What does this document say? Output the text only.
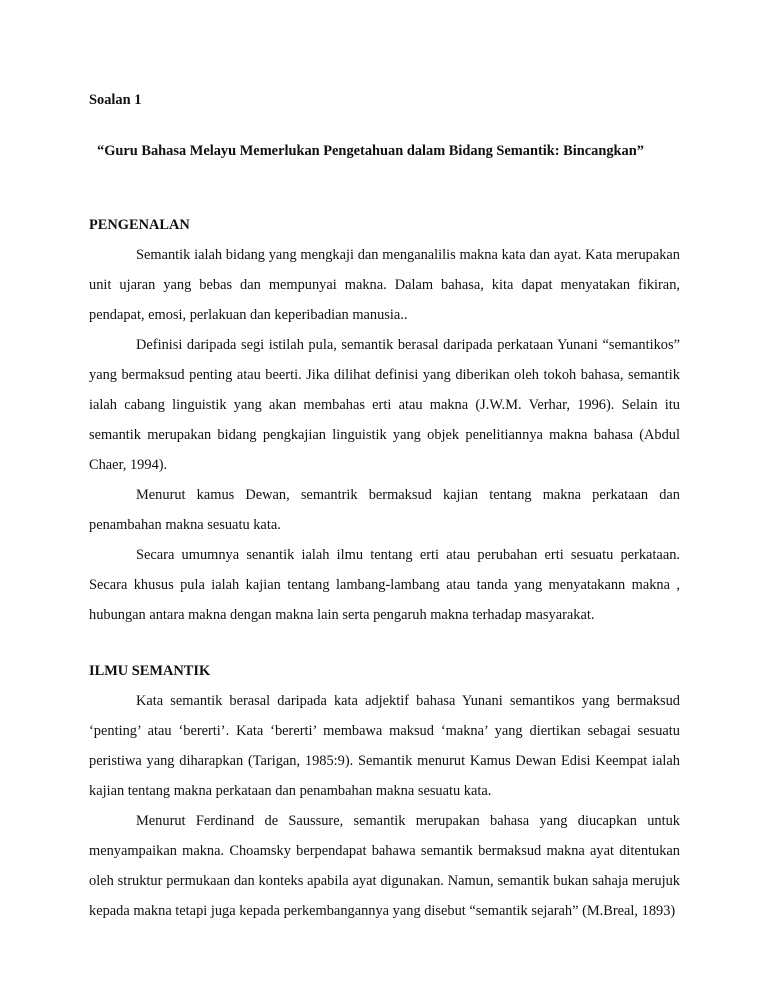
Soalan 1
“Guru Bahasa Melayu Memerlukan Pengetahuan dalam Bidang Semantik: Bincangkan”
PENGENALAN

Semantik ialah bidang yang mengkaji dan menganalilis makna kata dan ayat. Kata merupakan unit ujaran yang bebas dan mempunyai makna. Dalam bahasa, kita dapat menyatakan fikiran, pendapat, emosi, perlakuan dan keperibadian manusia..

Definisi daripada segi istilah pula, semantik berasal daripada perkataan Yunani “semantikos” yang bermaksud penting atau beerti. Jika dilihat definisi yang diberikan oleh tokoh bahasa, semantik ialah cabang linguistik yang akan membahas erti atau makna (J.W.M. Verhar, 1996). Selain itu semantik merupakan bidang pengkajian linguistik yang objek penelitiannya makna bahasa (Abdul Chaer, 1994).

Menurut kamus Dewan, semantrik bermaksud kajian tentang makna perkataan dan penambahan makna sesuatu kata.

Secara umumnya senantik ialah ilmu tentang erti atau perubahan erti sesuatu perkataan. Secara khusus pula ialah kajian tentang lambang-lambang atau tanda yang menyatakann makna , hubungan antara makna dengan makna lain serta pengaruh makna terhadap masyarakat.

ILMU SEMANTIK

Kata semantik berasal daripada kata adjektif bahasa Yunani semantikos yang bermaksud ‘penting’ atau ‘bererti’. Kata ‘bererti’ membawa maksud ‘makna’ yang diertikan sebagai sesuatu peristiwa yang diharapkan (Tarigan, 1985:9). Semantik menurut Kamus Dewan Edisi Keempat ialah kajian tentang makna perkataan dan penambahan makna sesuatu kata.

Menurut Ferdinand de Saussure, semantik merupakan bahasa yang diucapkan untuk menyampaikan makna. Choamsky berpendapat bahawa semantik bermaksud makna ayat ditentukan oleh struktur permukaan dan konteks apabila ayat digunakan. Namun, semantik bukan sahaja merujuk kepada makna tetapi juga kepada perkembangannya yang disebut “semantik sejarah” (M.Breal, 1893)
